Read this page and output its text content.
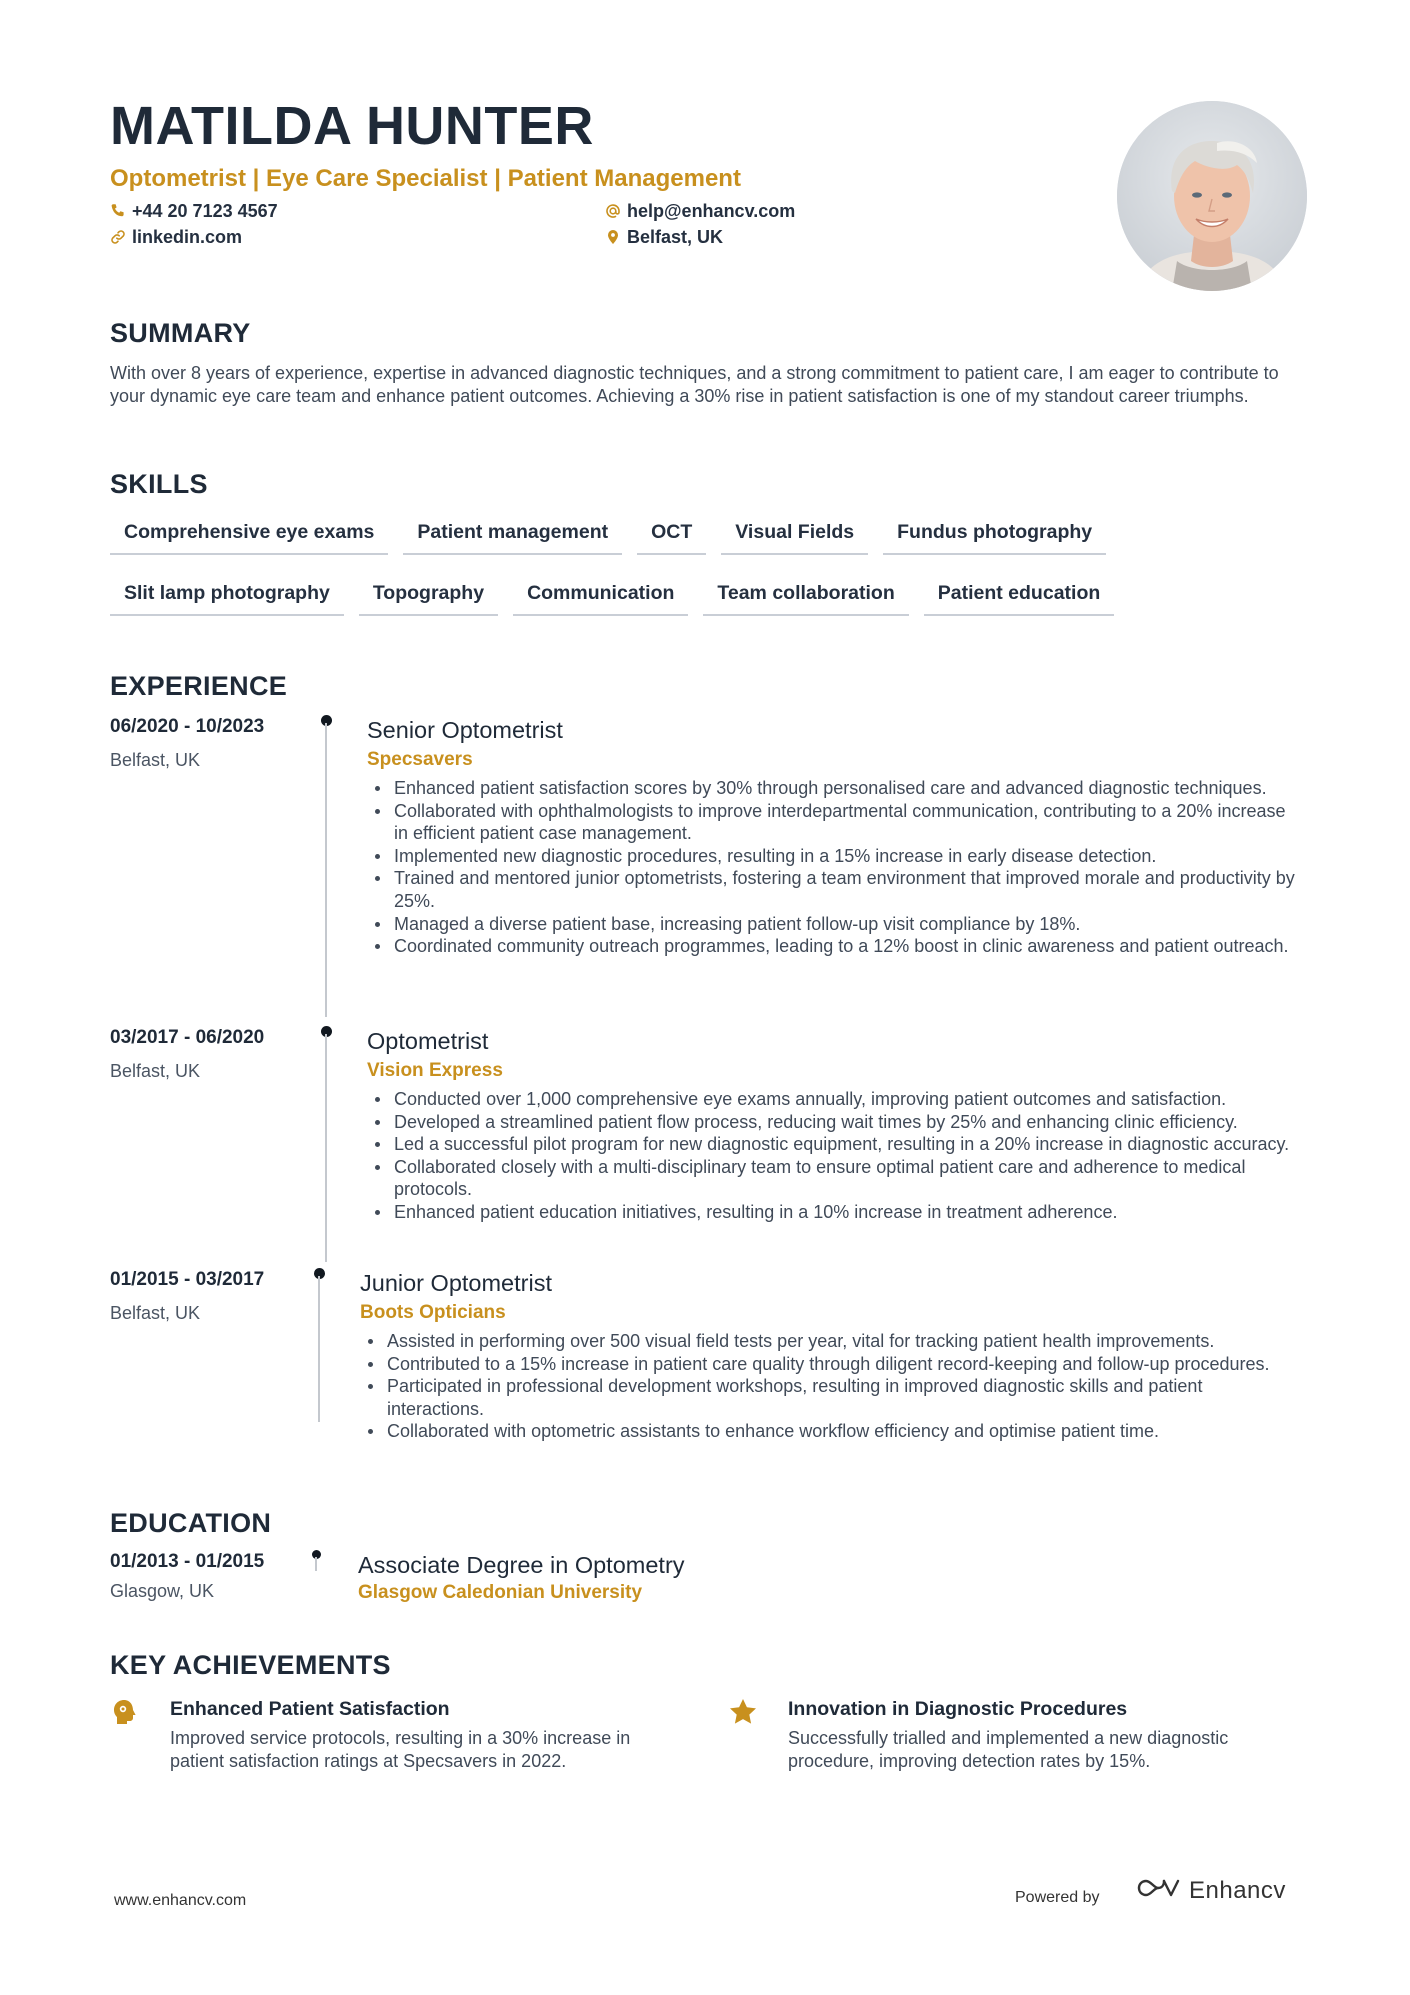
MATILDA HUNTER
Optometrist | Eye Care Specialist | Patient Management
+44 20 7123 4567	help@enhancv.com
linkedin.com	Belfast, UK
SUMMARY
With over 8 years of experience, expertise in advanced diagnostic techniques, and a strong commitment to patient care, I am eager to contribute to your dynamic eye care team and enhance patient outcomes. Achieving a 30% rise in patient satisfaction is one of my standout career triumphs.
SKILLS
Comprehensive eye exams	Patient management	OCT	Visual Fields	Fundus photography
Slit lamp photography	Topography	Communication	Team collaboration	Patient education
EXPERIENCE
06/2020 - 10/2023
Belfast, UK
Senior Optometrist
Specsavers
Enhanced patient satisfaction scores by 30% through personalised care and advanced diagnostic techniques.
Collaborated with ophthalmologists to improve interdepartmental communication, contributing to a 20% increase in efficient patient case management.
Implemented new diagnostic procedures, resulting in a 15% increase in early disease detection.
Trained and mentored junior optometrists, fostering a team environment that improved morale and productivity by 25%.
Managed a diverse patient base, increasing patient follow-up visit compliance by 18%.
Coordinated community outreach programmes, leading to a 12% boost in clinic awareness and patient outreach.
03/2017 - 06/2020
Belfast, UK
Optometrist
Vision Express
Conducted over 1,000 comprehensive eye exams annually, improving patient outcomes and satisfaction.
Developed a streamlined patient flow process, reducing wait times by 25% and enhancing clinic efficiency.
Led a successful pilot program for new diagnostic equipment, resulting in a 20% increase in diagnostic accuracy.
Collaborated closely with a multi-disciplinary team to ensure optimal patient care and adherence to medical protocols.
Enhanced patient education initiatives, resulting in a 10% increase in treatment adherence.
01/2015 - 03/2017
Belfast, UK
Junior Optometrist
Boots Opticians
Assisted in performing over 500 visual field tests per year, vital for tracking patient health improvements.
Contributed to a 15% increase in patient care quality through diligent record-keeping and follow-up procedures.
Participated in professional development workshops, resulting in improved diagnostic skills and patient interactions.
Collaborated with optometric assistants to enhance workflow efficiency and optimise patient time.
EDUCATION
01/2013 - 01/2015
Glasgow, UK
Associate Degree in Optometry
Glasgow Caledonian University
KEY ACHIEVEMENTS
Enhanced Patient Satisfaction
Improved service protocols, resulting in a 30% increase in patient satisfaction ratings at Specsavers in 2022.
Innovation in Diagnostic Procedures
Successfully trialled and implemented a new diagnostic procedure, improving detection rates by 15%.
www.enhancv.com	Powered by	Enhancv
